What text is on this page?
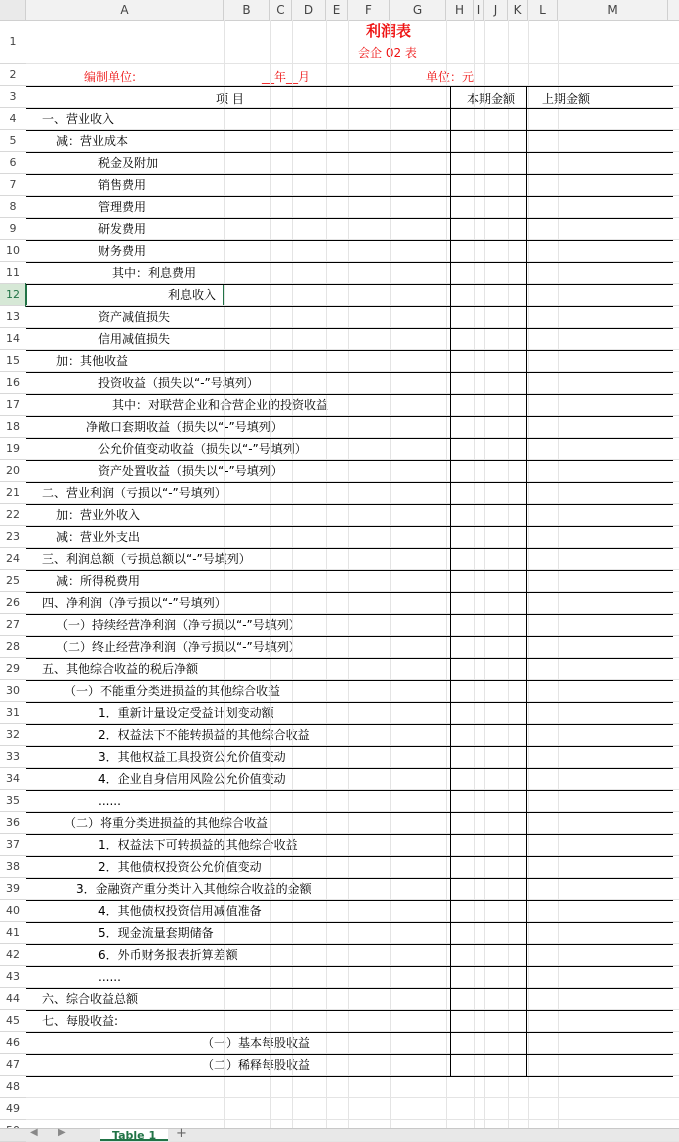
A	B	C	D	E	F	G	H	I	J	K	L	M
1
2
3
4
5
6
7
8
9
10
11
12
13
14
15
16
17
18
19
20
21
22
23
24
25
26
27
28
29
30
31
32
33
34
35
36
37
38
39
40
41
42
43
44
45
46
47
48
49
利润表
会企 02 表
编制单位:	__年__月	单位：元
项 目	本期金额 上期金额
一、营业收入
减：营业成本
税金及附加
销售费用
管理费用
研发费用
财务费用
其中：利息费用
利息收入
资产减值损失
信用减值损失
加：其他收益
投资收益（损失以“-”号填列）
其中：对联营企业和合营企业的投资收益
净敞口套期收益（损失以“-”号填列）
公允价值变动收益（损失以“-”号填列）
资产处置收益（损失以“-”号填列）
二、营业利润（亏损以“-”号填列）
加：营业外收入
减：营业外支出
三、利润总额（亏损总额以“-”号填列）
减：所得税费用
四、净利润（净亏损以“-”号填列）
（一）持续经营净利润（净亏损以“-”号填列）
（二）终止经营净利润（净亏损以“-”号填列）
五、其他综合收益的税后净额
（一）不能重分类进损益的其他综合收益
1．重新计量设定受益计划变动额
2．权益法下不能转损益的其他综合收益
3．其他权益工具投资公允价值变动
4．企业自身信用风险公允价值变动
......
（二）将重分类进损益的其他综合收益
1．权益法下可转损益的其他综合收益
2．其他债权投资公允价值变动
3．金融资产重分类计入其他综合收益的金额
4．其他债权投资信用减值准备
5．现金流量套期储备
6．外币财务报表折算差额
......
六、综合收益总额
七、每股收益:
（一）基本每股收益
（二）稀释每股收益
◀ ▶	Table 1	+
